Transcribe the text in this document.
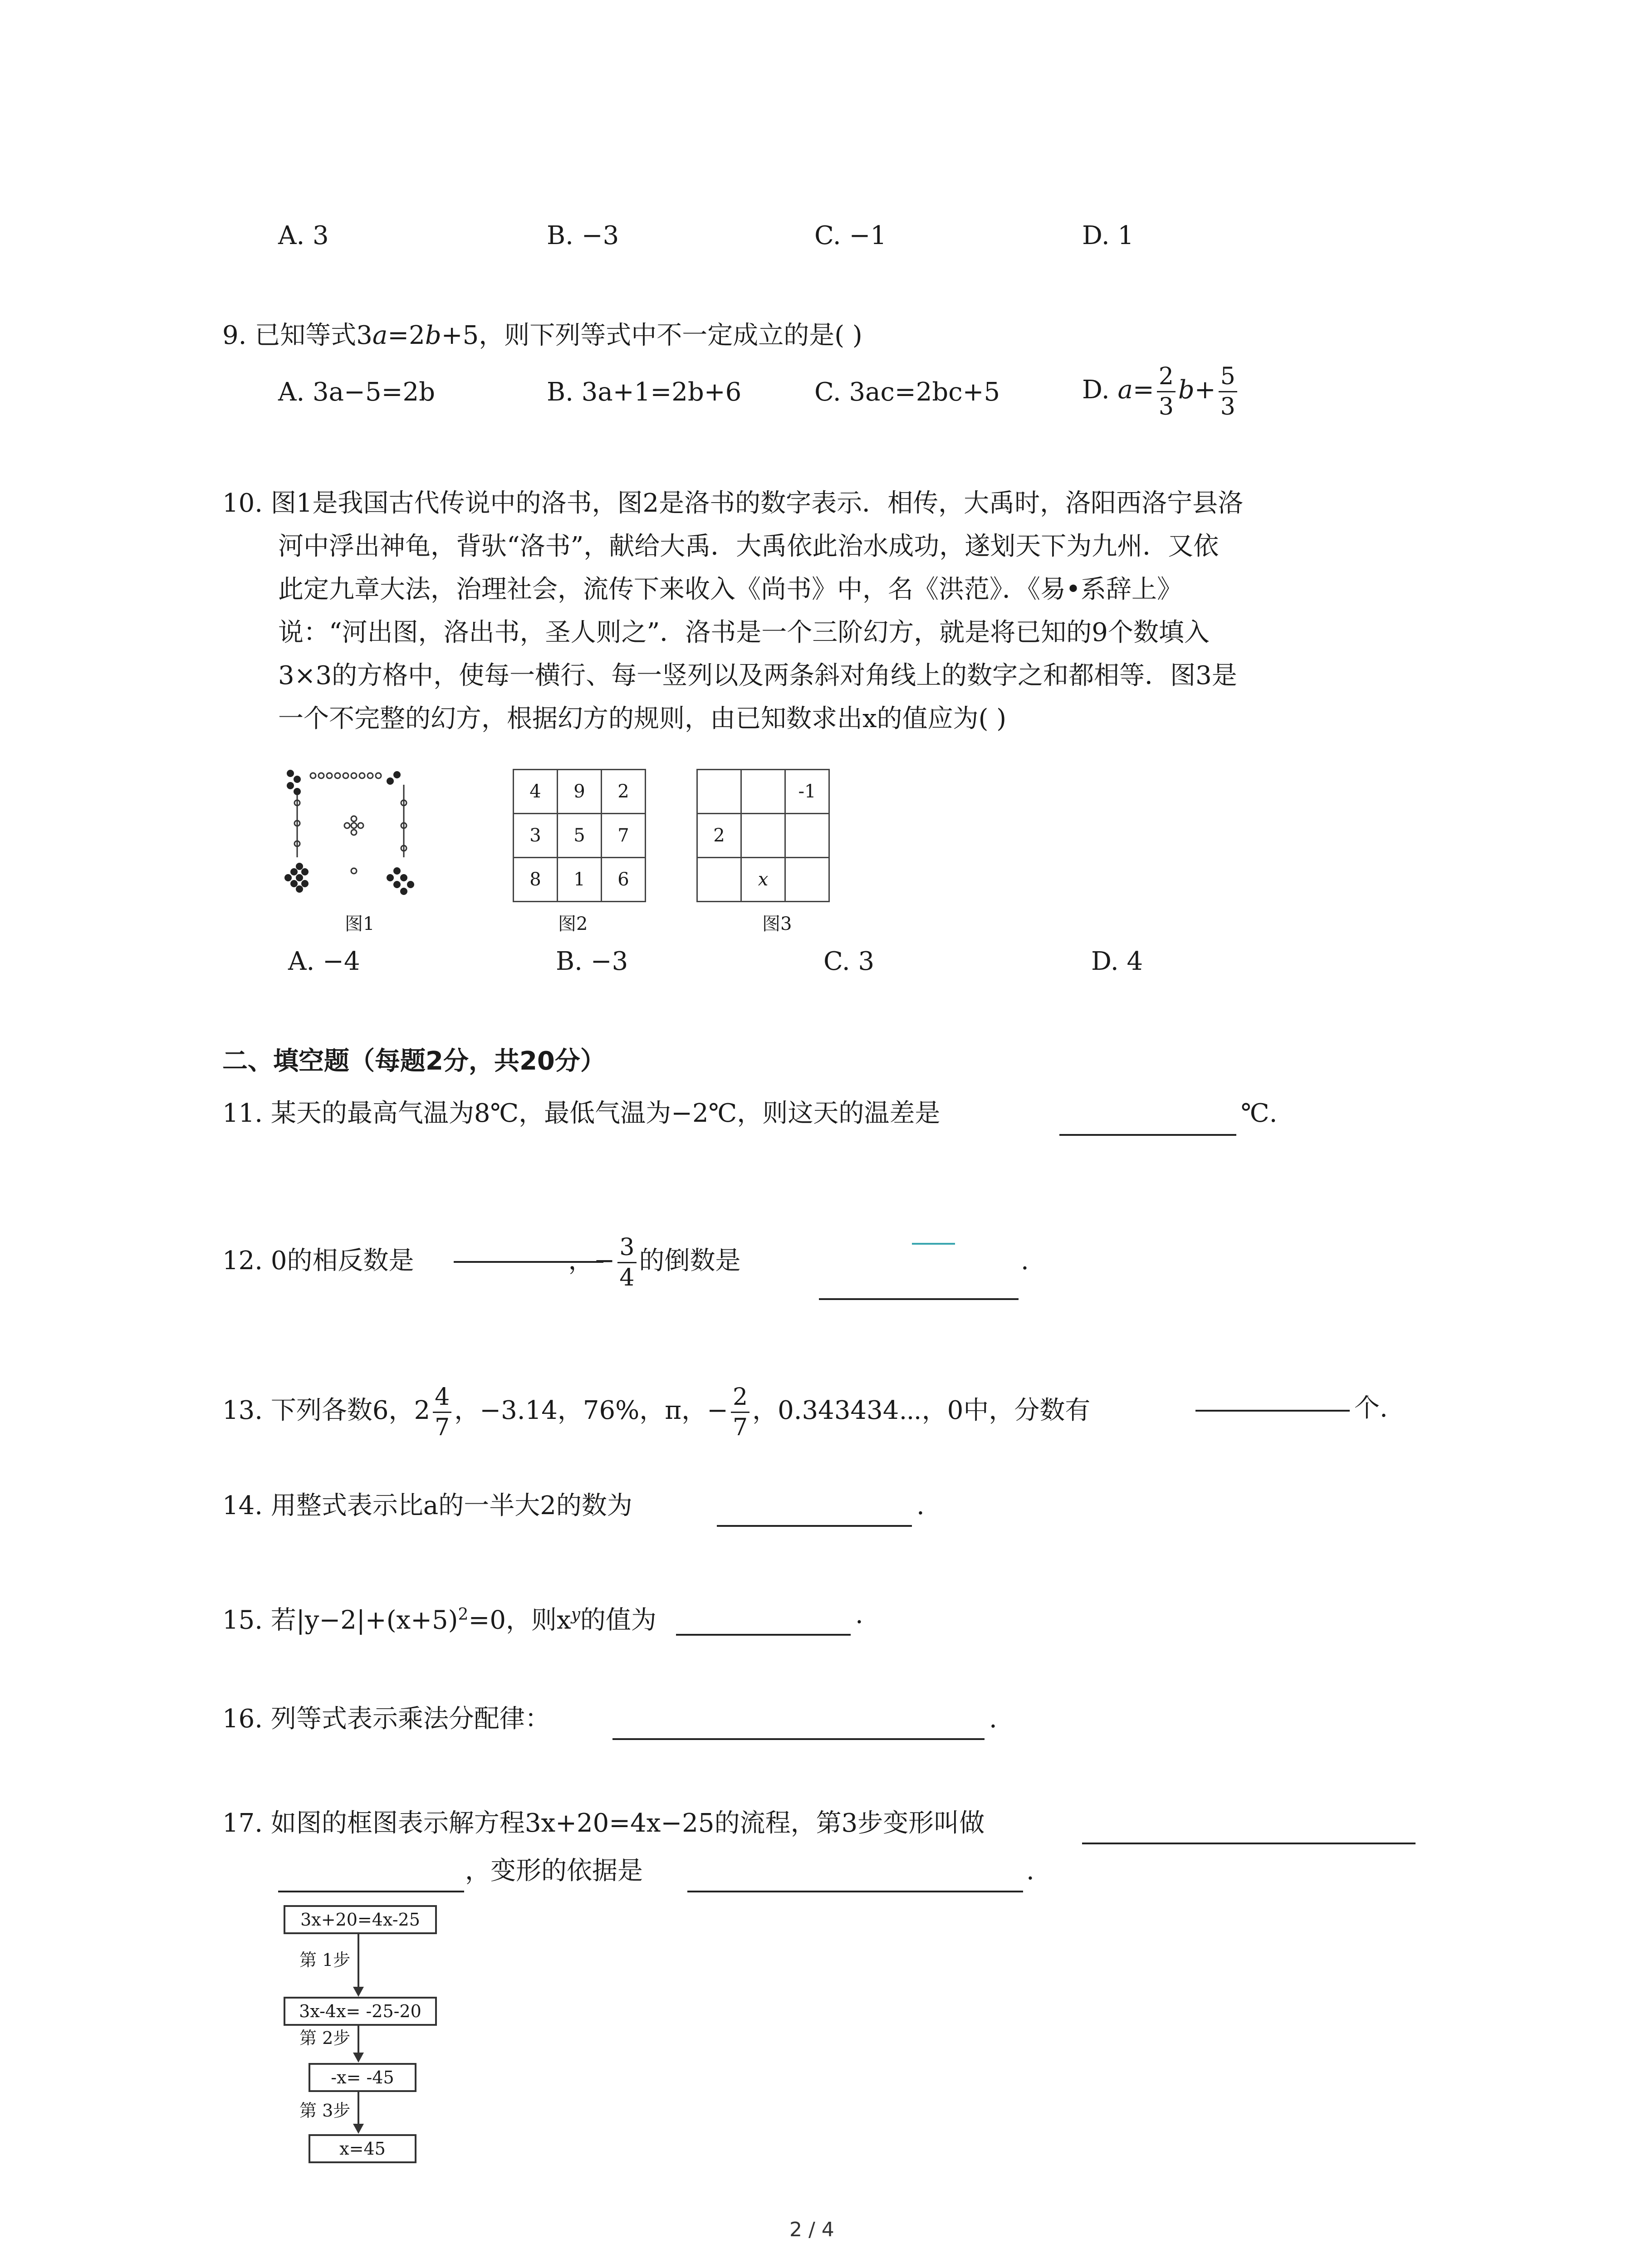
A. 3	B. −3	C. −1	D. 1
9. 已知等式3a=2b+5，则下列等式中不一定成立的是( )
A. 3a−5=2b	B. 3a+1=2b+6	C. 3ac=2bc+5	D. $a= \frac{2}{3} b+ \frac{5}{3}$
10. 图1是我国古代传说中的洛书，图2是洛书的数字表示．相传，大禹时，洛阳西洛宁县洛
河中浮出神龟，背驮“洛书”，献给大禹．大禹依此治水成功，遂划天下为九州．又依
此定九章大法，治理社会，流传下来收入《尚书》中，名《洪范》．《易•系辞上》
说：“河出图，洛出书，圣人则之”．洛书是一个三阶幻方，就是将已知的9个数填入
3×3的方格中，使每一横行、每一竖列以及两条斜对角线上的数字之和都相等．图3是
一个不完整的幻方，根据幻方的规则，由已知数求出x的值应为( )
图1
4	9	2
3	5	7
8	1	6
图2
		-1
2		
	x	
图3
A. −4	B. −3	C. 3	D. 4
二、填空题（每题2分，共20分）
11. 某天的最高气温为8℃，最低气温为−2℃，则这天的温差是	℃.
12. 0的相反数是	，− $\frac{3}{4}$ 的倒数是	.
13. 下列各数6，$2 \frac{4}{7}$ ，−3.14，76%，π，− $\frac{2}{7}$ ，0.343434⋯，0中，分数有	个.
14. 用整式表示比a的一半大2的数为	.
15. 若$|y-2|+(x+5)^2=0$，则$x^y$的值为	.
16. 列等式表示乘法分配律：	.
17. 如图的框图表示解方程3x+20=4x−25的流程，第3步变形叫做
，变形的依据是	.
3x+20=4x-25
第 1步
3x-4x= -25-20
第 2步
-x= -45
第 3步
x=45
2 / 4
